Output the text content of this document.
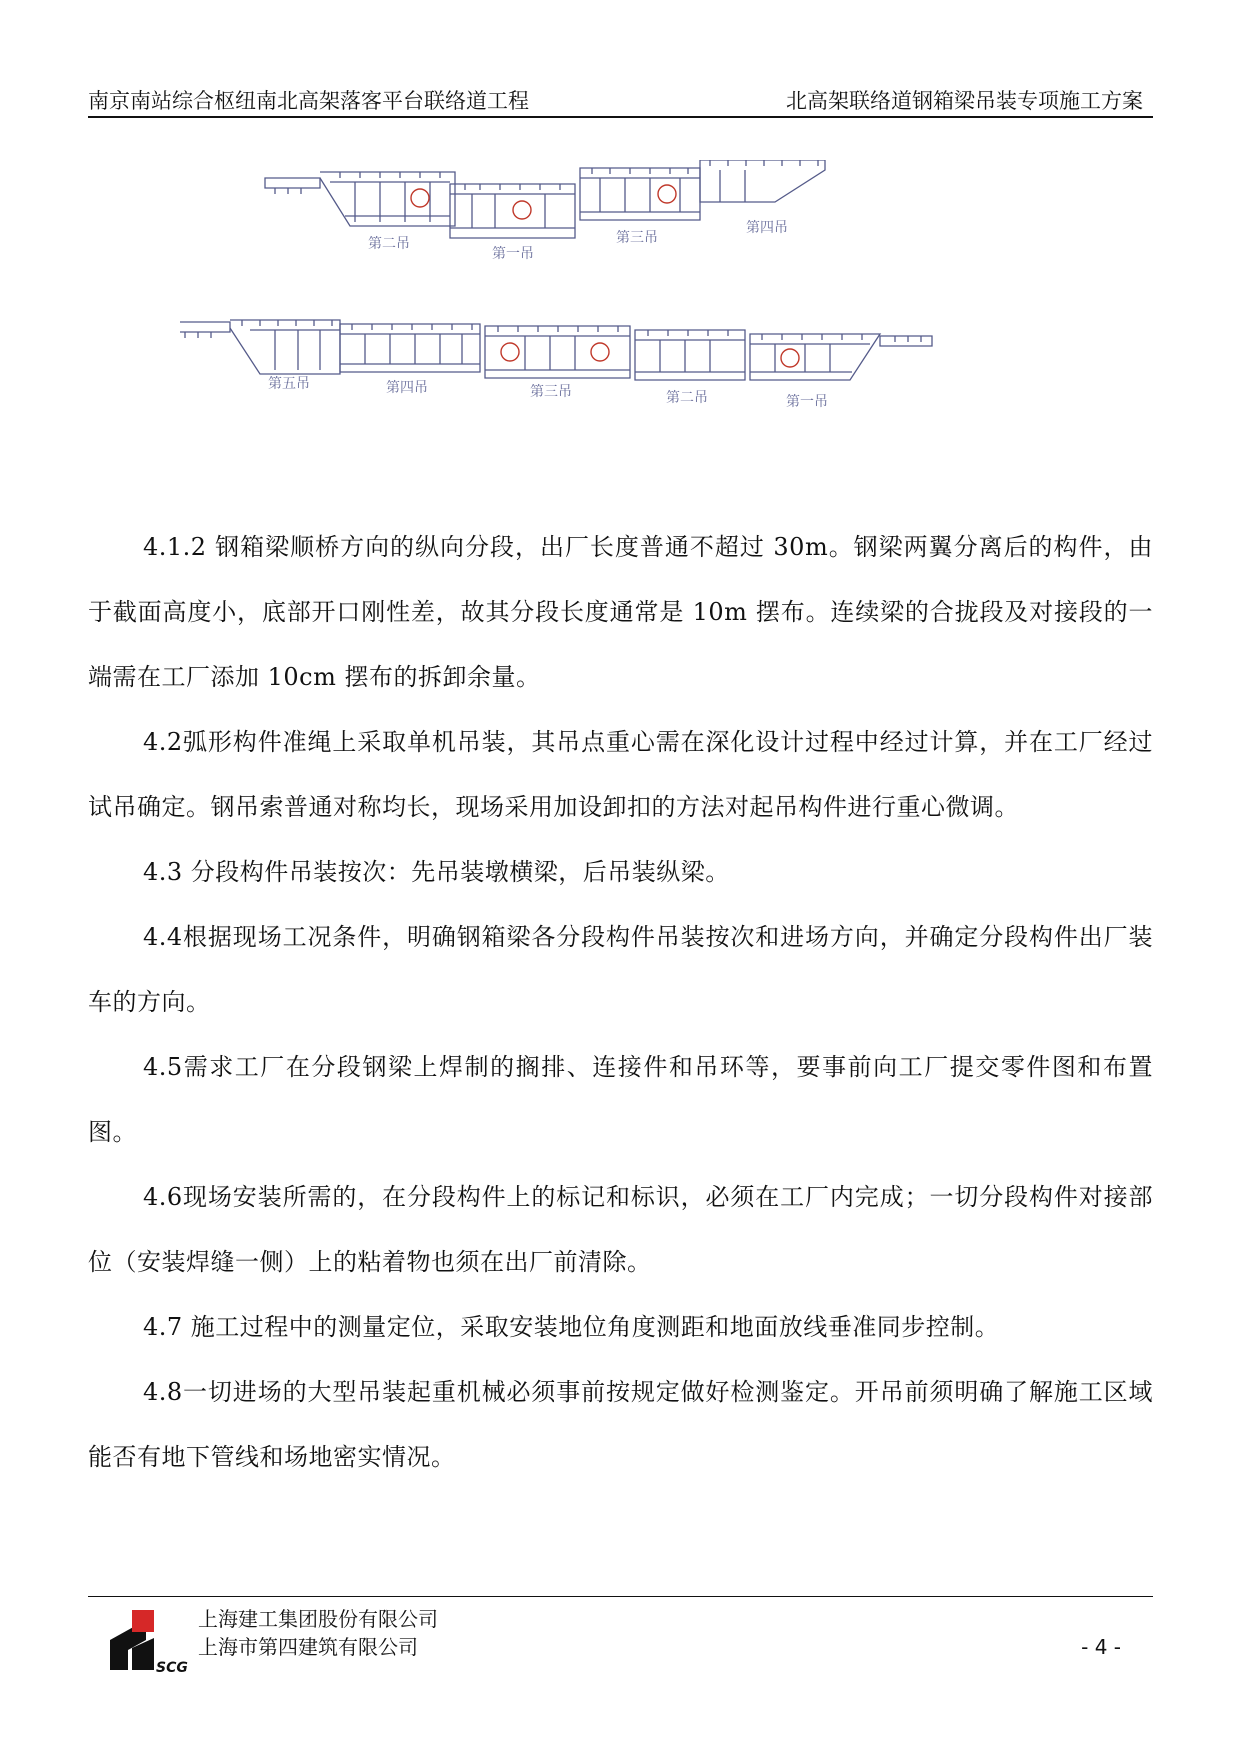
南京南站综合枢纽南北高架落客平台联络道工程	北高架联络道钢箱梁吊装专项施工方案
第二吊
第一吊
第三吊
第四吊
第五吊	第四吊	第三吊	第二吊	第一吊

4.1.2 钢箱梁顺桥方向的纵向分段，出厂长度普通不超过 30m。钢梁两翼分离后的构件，由于截面高度小，底部开口刚性差，故其分段长度通常是 10m 摆布。连续梁的合拢段及对接段的一端需在工厂添加 10cm 摆布的拆卸余量。

4.2弧形构件准绳上采取单机吊装，其吊点重心需在深化设计过程中经过计算，并在工厂经过试吊确定。钢吊索普通对称均长，现场采用加设卸扣的方法对起吊构件进行重心微调。

4.3 分段构件吊装按次：先吊装墩横梁，后吊装纵梁。

4.4根据现场工况条件，明确钢箱梁各分段构件吊装按次和进场方向，并确定分段构件出厂装车的方向。

4.5需求工厂在分段钢梁上焊制的搁排、连接件和吊环等，要事前向工厂提交零件图和布置图。

4.6现场安装所需的，在分段构件上的标记和标识，必须在工厂内完成；一切分段构件对接部位（安装焊缝一侧）上的粘着物也须在出厂前清除。

4.7 施工过程中的测量定位，采取安装地位角度测距和地面放线垂准同步控制。

4.8一切进场的大型吊装起重机械必须事前按规定做好检测鉴定。开吊前须明确了解施工区域能否有地下管线和场地密实情况。

SCG
上海建工集团股份有限公司
上海市第四建筑有限公司	- 4 -
